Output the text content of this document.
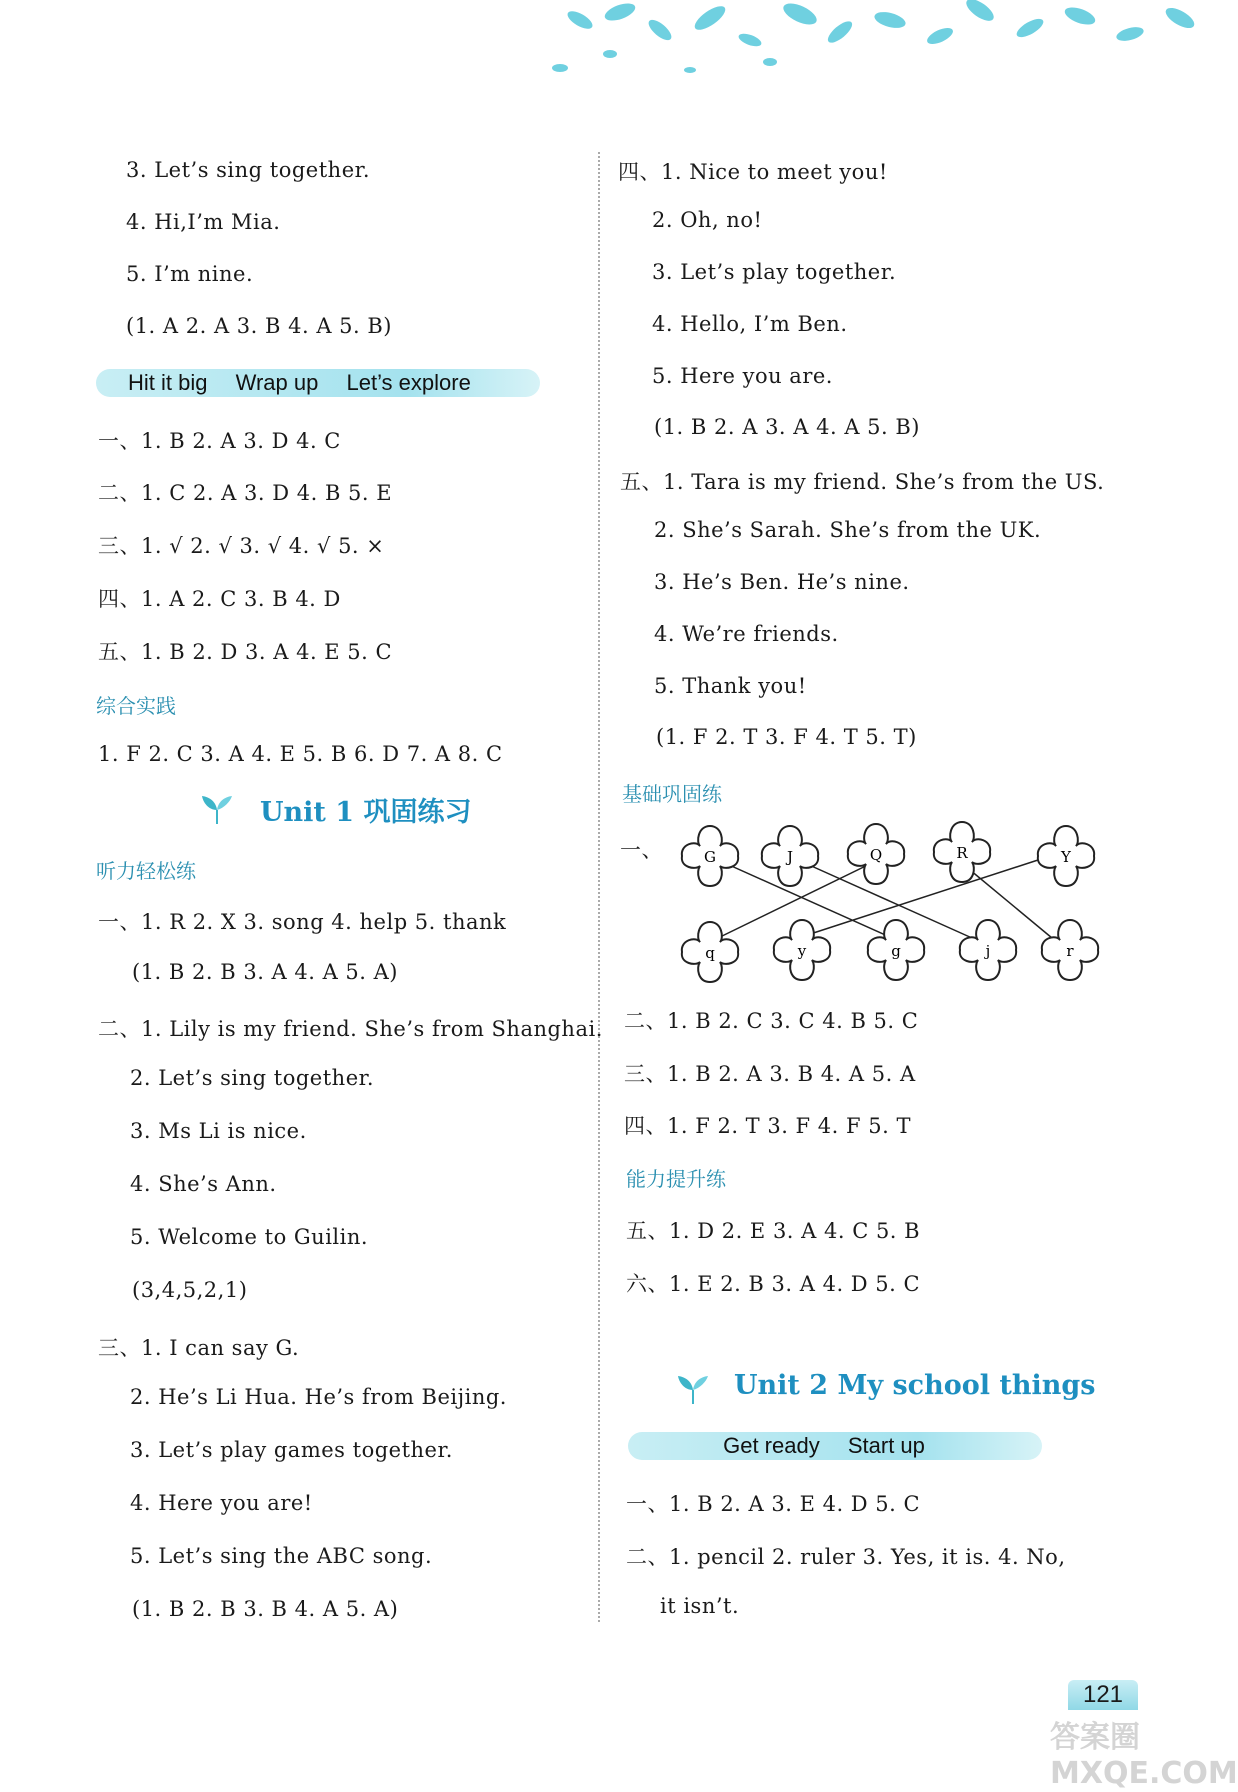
3. Let’s sing together.
4. Hi,I’m Mia.
5. I’m nine.
(1. A 2. A 3. B 4. A 5. B)
Hit it big Wrap up Let’s explore
一、1. B 2. A 3. D 4. C
二、1. C 2. A 3. D 4. B 5. E
三、1. √ 2. √ 3. √ 4. √ 5. ×
四、1. A 2. C 3. B 4. D
五、1. B 2. D 3. A 4. E 5. C
综合实践
1. F 2. C 3. A 4. E 5. B 6. D 7. A 8. C
Unit 1 巩固练习
听力轻松练
一、1. R 2. X 3. song 4. help 5. thank
(1. B 2. B 3. A 4. A 5. A)
二、1. Lily is my friend. She’s from Shanghai.
2. Let’s sing together.
3. Ms Li is nice.
4. She’s Ann.
5. Welcome to Guilin.
(3,4,5,2,1)
三、1. I can say G.
2. He’s Li Hua. He’s from Beijing.
3. Let’s play games together.
4. Here you are!
5. Let’s sing the ABC song.
(1. B 2. B 3. B 4. A 5. A)
四、1. Nice to meet you!
2. Oh, no!
3. Let’s play together.
4. Hello, I’m Ben.
5. Here you are.
(1. B 2. A 3. A 4. A 5. B)
五、1. Tara is my friend. She’s from the US.
2. She’s Sarah. She’s from the UK.
3. He’s Ben. He’s nine.
4. We’re friends.
5. Thank you!
(1. F 2. T 3. F 4. T 5. T)
基础巩固练
一、	G	J	Q	R	Y
q	y	g	j	r
二、1. B 2. C 3. C 4. B 5. C
三、1. B 2. A 3. B 4. A 5. A
四、1. F 2. T 3. F 4. F 5. T
能力提升练
五、1. D 2. E 3. A 4. C 5. B
六、1. E 2. B 3. A 4. D 5. C
Unit 2 My school things
Get ready Start up
一、1. B 2. A 3. E 4. D 5. C
二、1. pencil 2. ruler 3. Yes, it is. 4. No,
it isn’t.
121
答案圈 MXQE.COM
